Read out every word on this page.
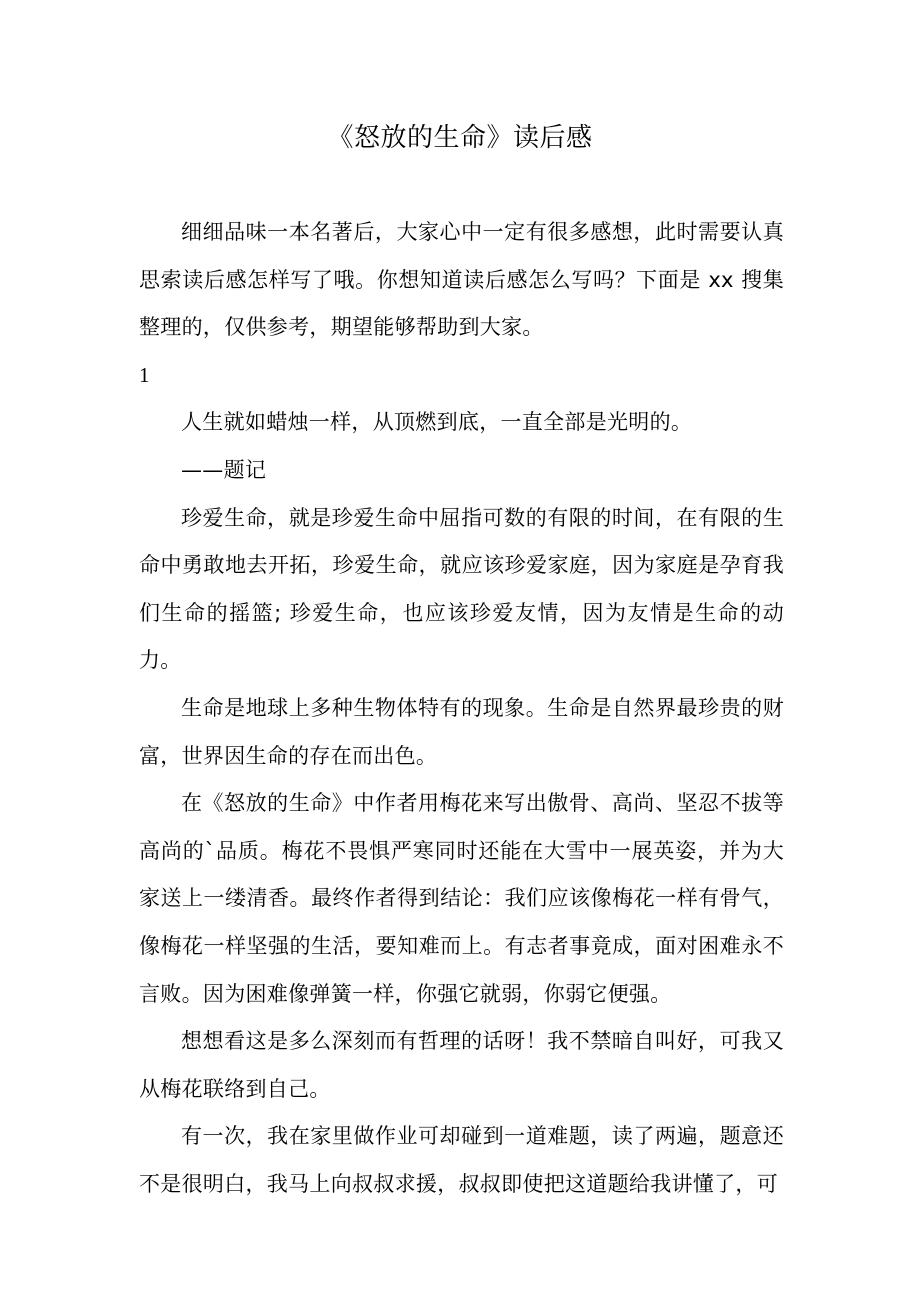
《怒放的生命》读后感

细细品味一本名著后，大家心中一定有很多感想，此时需要认真思索读后感怎样写了哦。你想知道读后感怎么写吗？下面是 xx 搜集整理的，仅供参考，期望能够帮助到大家。

1

人生就如蜡烛一样，从顶燃到底，一直全部是光明的。

——题记

珍爱生命，就是珍爱生命中屈指可数的有限的时间，在有限的生命中勇敢地去开拓，珍爱生命，就应该珍爱家庭，因为家庭是孕育我们生命的摇篮; 珍爱生命，也应该珍爱友情，因为友情是生命的动力。

生命是地球上多种生物体特有的现象。生命是自然界最珍贵的财富，世界因生命的存在而出色。

在《怒放的生命》中作者用梅花来写出傲骨、高尚、坚忍不拔等高尚的`品质。梅花不畏惧严寒同时还能在大雪中一展英姿，并为大家送上一缕清香。最终作者得到结论：我们应该像梅花一样有骨气，像梅花一样坚强的生活，要知难而上。有志者事竟成，面对困难永不言败。因为困难像弹簧一样，你强它就弱，你弱它便强。

想想看这是多么深刻而有哲理的话呀！我不禁暗自叫好，可我又从梅花联络到自己。

有一次，我在家里做作业可却碰到一道难题，读了两遍，题意还不是很明白，我马上向叔叔求援，叔叔即使把这道题给我讲懂了，可
